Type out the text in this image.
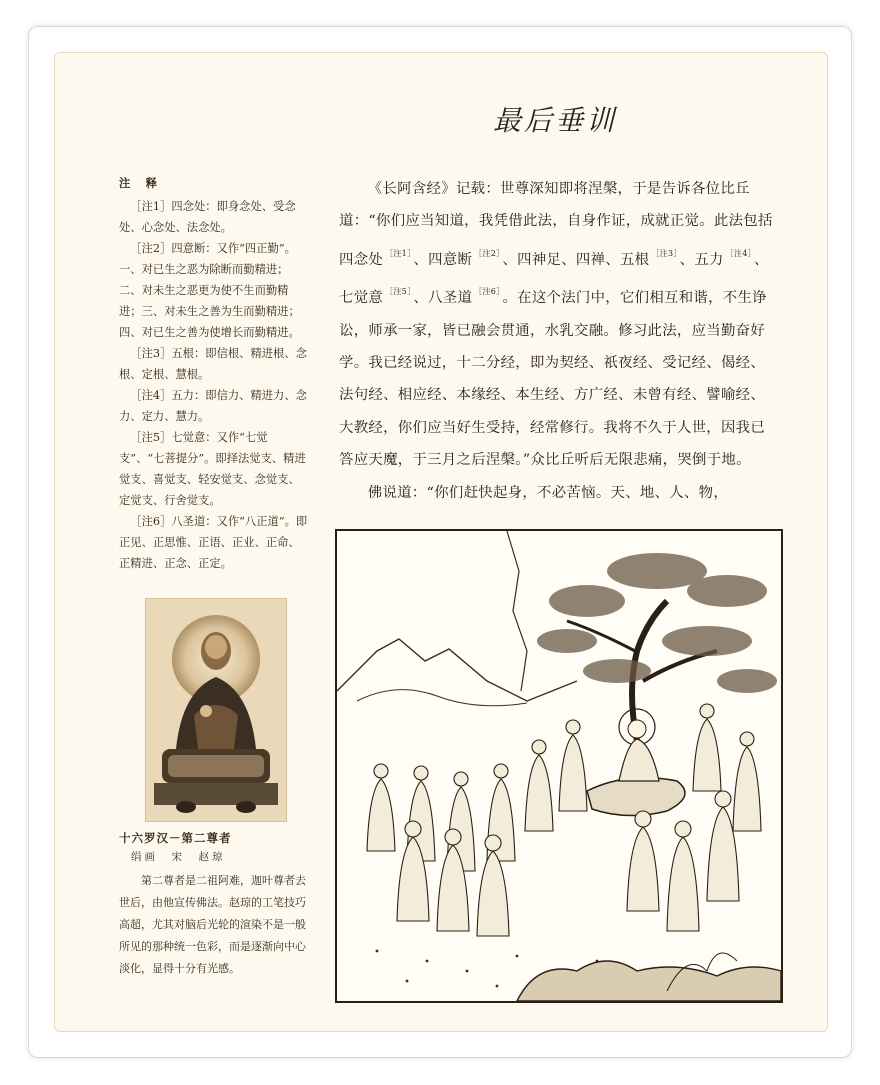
最后垂训

注　释

［注1］四念处：即身念处、受念处、心念处、法念处。

［注2］四意断：又作“四正勤”。一、对已生之恶为除断而勤精进；二、对未生之恶更为使不生而勤精进；三、对未生之善为生而勤精进；四、对已生之善为使增长而勤精进。

［注3］五根：即信根、精进根、念根、定根、慧根。

［注4］五力：即信力、精进力、念力、定力、慧力。

［注5］七觉意：又作“七觉支”、“七菩提分”。即择法觉支、精进觉支、喜觉支、轻安觉支、念觉支、定觉支、行舍觉支。

［注6］八圣道：又作“八正道”。即正见、正思惟、正语、正业、正命、正精进、正念、正定。

十六罗汉－第二尊者

绢画　宋　赵琼

第二尊者是二祖阿难，迦叶尊者去世后，由他宣传佛法。赵琼的工笔技巧高超，尤其对脑后光轮的渲染不是一般所见的那种统一色彩，而是逐渐向中心淡化，显得十分有光感。

《长阿含经》记载：世尊深知即将涅槃，于是告诉各位比丘道：“你们应当知道，我凭借此法，自身作证，成就正觉。此法包括四念处 $^{[注1]}$ 、四意断 $^{[注2]}$ 、四神足、四禅、五根 $^{[注3]}$ 、五力 $^{[注4]}$ 、七觉意 $^{[注5]}$ 、八圣道 $^{[注6]}$ 。在这个法门中，它们相互和谐，不生诤讼，师承一家，皆已融会贯通，水乳交融。修习此法，应当勤奋好学。我已经说过，十二分经，即为契经、祇夜经、受记经、偈经、法句经、相应经、本缘经、本生经、方广经、未曾有经、譬喻经、大教经，你们应当好生受持，经常修行。我将不久于人世，因我已答应天魔，于三月之后涅槃。”众比丘听后无限悲痛，哭倒于地。

佛说道：“你们赶快起身，不必苦恼。天、地、人、物，
